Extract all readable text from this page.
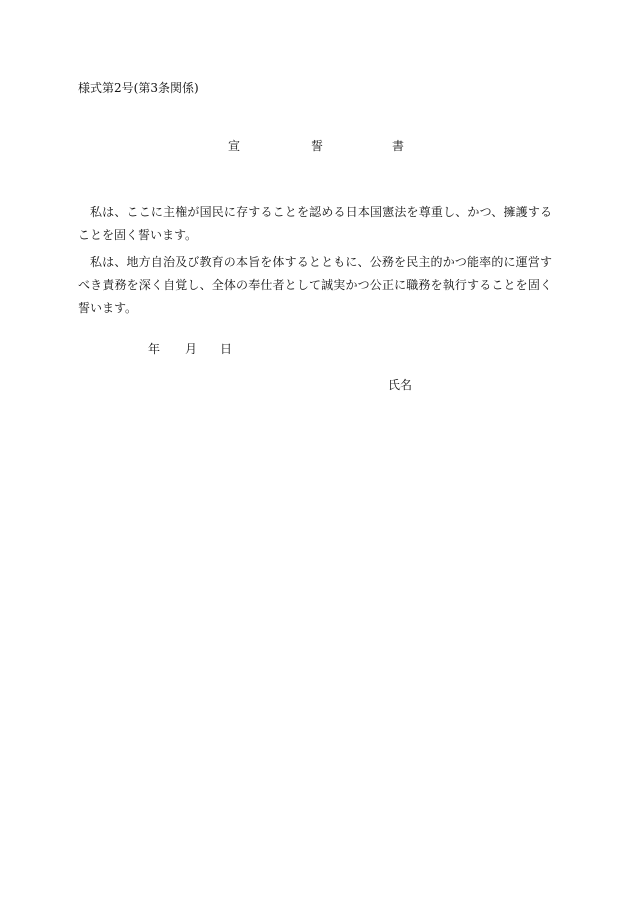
様式第2号(第3条関係)
宣	誓	書

私は、ここに主権が国民に存することを認める日本国憲法を尊重し、かつ、擁護することを固く誓います。

私は、地方自治及び教育の本旨を体するとともに、公務を民主的かつ能率的に運営すべき責務を深く自覚し、全体の奉仕者として誠実かつ公正に職務を執行することを固く誓います。

年 月 日
氏名
